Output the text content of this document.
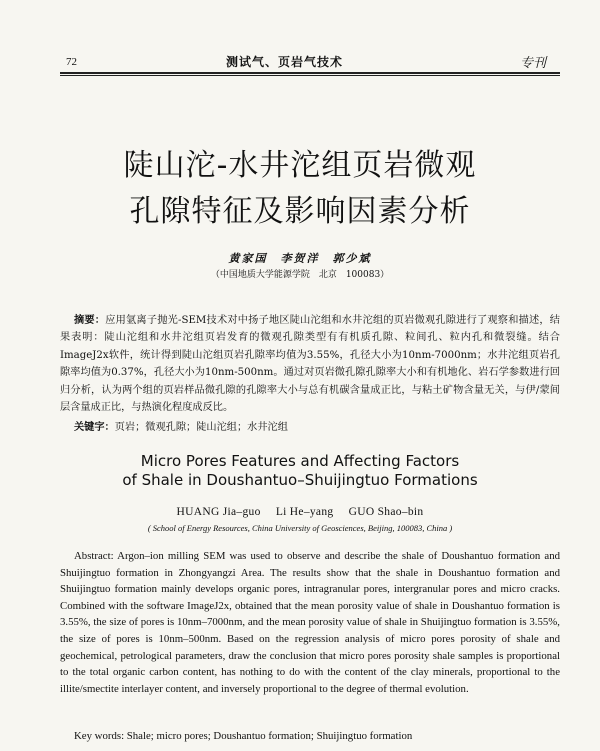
72	测试气、页岩气技术	专刊
陡山沱-水井沱组页岩微观
孔隙特征及影响因素分析
黄家国　李贺洋　郭少斌
（中国地质大学能源学院　北京　100083）
摘要：应用氩离子抛光-SEM技术对中扬子地区陡山沱组和水井沱组的页岩微观孔隙进行了观察和描述，结果表明：陡山沱组和水井沱组页岩发育的微观孔隙类型有有机质孔隙、粒间孔、粒内孔和微裂缝。结合ImageJ2x软件，统计得到陡山沱组页岩孔隙率均值为3.55%，孔径大小为10nm-7000nm；水井沱组页岩孔隙率均值为0.37%，孔径大小为10nm-500nm。通过对页岩微孔隙孔隙率大小和有机地化、岩石学参数进行回归分析，认为两个组的页岩样品微孔隙的孔隙率大小与总有机碳含量成正比，与粘土矿物含量无关，与伊/蒙间层含量成正比，与热演化程度成反比。
关键字：页岩；微观孔隙；陡山沱组；水井沱组
Micro Pores Features and Affecting Factors
of Shale in Doushantuo–Shuijingtuo Formations
HUANG Jia–guo Li He–yang GUO Shao–bin
( School of Energy Resources, China University of Geosciences, Beijing, 100083, China )
Abstract: Argon–ion milling SEM was used to observe and describe the shale of Doushantuo formation and Shuijingtuo formation in Zhongyangzi Area. The results show that the shale in Doushantuo formation and Shuijingtuo formation mainly develops organic pores, intragranular pores, intergranular pores and micro cracks. Combined with the software ImageJ2x, obtained that the mean porosity value of shale in Doushantuo formation is 3.55%, the size of pores is 10nm–7000nm, and the mean porosity value of shale in Shuijingtuo formation is 3.55%, the size of pores is 10nm–500nm. Based on the regression analysis of micro pores porosity of shale and geochemical, petrological parameters, draw the conclusion that micro pores porosity shale samples is proportional to the total organic carbon content, has nothing to do with the content of the clay minerals, proportional to the illite/smectite interlayer content, and inversely proportional to the degree of thermal evolution.
Key words: Shale; micro pores; Doushantuo formation; Shuijingtuo formation
